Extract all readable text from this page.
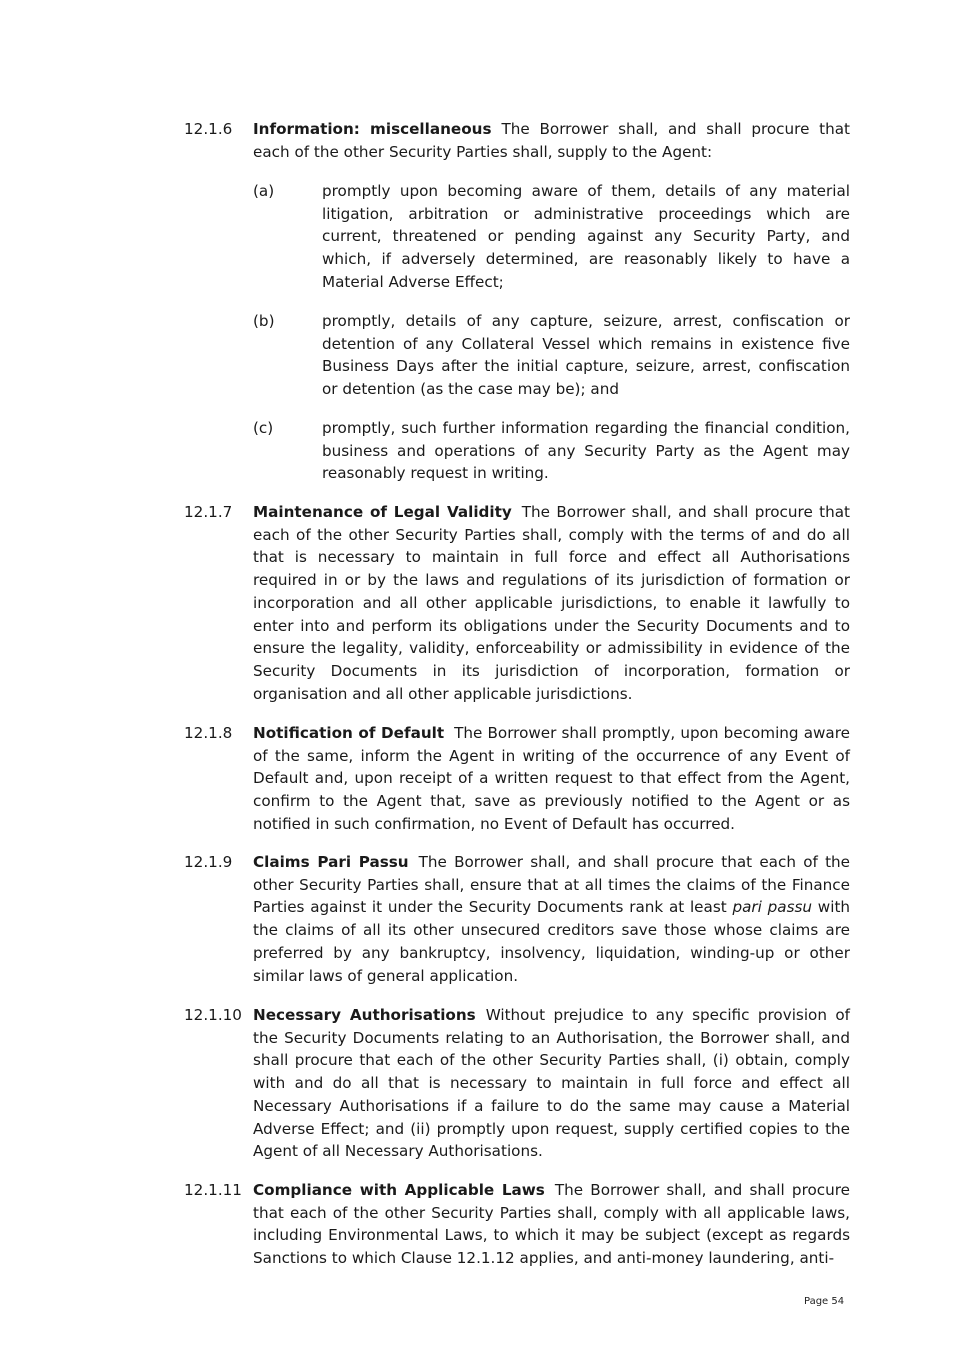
12.1.6	Information: miscellaneous The Borrower shall, and shall procure that each of the other Security Parties shall, supply to the Agent:
(a)	promptly upon becoming aware of them, details of any material litigation, arbitration or administrative proceedings which are current, threatened or pending against any Security Party, and which, if adversely determined, are reasonably likely to have a Material Adverse Effect;
(b)	promptly, details of any capture, seizure, arrest, confiscation or detention of any Collateral Vessel which remains in existence five Business Days after the initial capture, seizure, arrest, confiscation or detention (as the case may be); and
(c)	promptly, such further information regarding the financial condition, business and operations of any Security Party as the Agent may reasonably request in writing.
12.1.7	Maintenance of Legal Validity The Borrower shall, and shall procure that each of the other Security Parties shall, comply with the terms of and do all that is necessary to maintain in full force and effect all Authorisations required in or by the laws and regulations of its jurisdiction of formation or incorporation and all other applicable jurisdictions, to enable it lawfully to enter into and perform its obligations under the Security Documents and to ensure the legality, validity, enforceability or admissibility in evidence of the Security Documents in its jurisdiction of incorporation, formation or organisation and all other applicable jurisdictions.
12.1.8	Notification of Default The Borrower shall promptly, upon becoming aware of the same, inform the Agent in writing of the occurrence of any Event of Default and, upon receipt of a written request to that effect from the Agent, confirm to the Agent that, save as previously notified to the Agent or as notified in such confirmation, no Event of Default has occurred.
12.1.9	Claims Pari Passu The Borrower shall, and shall procure that each of the other Security Parties shall, ensure that at all times the claims of the Finance Parties against it under the Security Documents rank at least pari passu with the claims of all its other unsecured creditors save those whose claims are preferred by any bankruptcy, insolvency, liquidation, winding-up or other similar laws of general application.
12.1.10 Necessary Authorisations Without prejudice to any specific provision of the Security Documents relating to an Authorisation, the Borrower shall, and shall procure that each of the other Security Parties shall, (i) obtain, comply with and do all that is necessary to maintain in full force and effect all Necessary Authorisations if a failure to do the same may cause a Material Adverse Effect; and (ii) promptly upon request, supply certified copies to the Agent of all Necessary Authorisations.
12.1.11 Compliance with Applicable Laws The Borrower shall, and shall procure that each of the other Security Parties shall, comply with all applicable laws, including Environmental Laws, to which it may be subject (except as regards Sanctions to which Clause 12.1.12 applies, and anti-money laundering, anti-
Page 54
